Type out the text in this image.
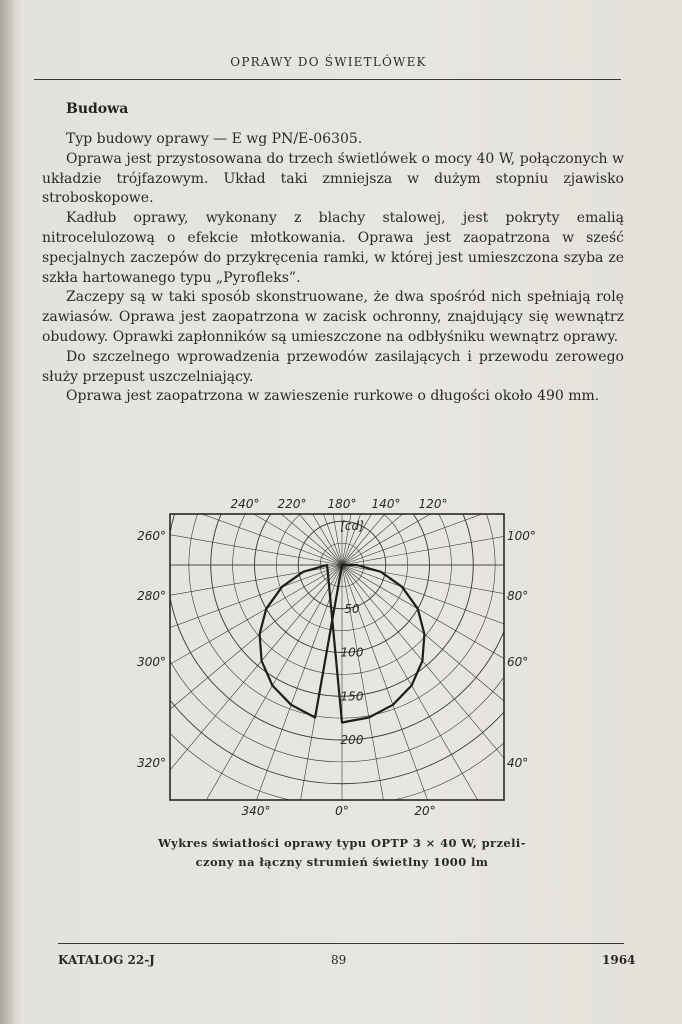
OPRAWY DO ŚWIETLÓWEK
Budowa

Typ budowy oprawy — E wg PN/E-06305.

Oprawa jest przystosowana do trzech świetlówek o mocy 40 W, połączonych w układzie trójfazowym. Układ taki zmniejsza w dużym stopniu zjawisko stroboskopowe.

Kadłub oprawy, wykonany z blachy stalowej, jest pokryty emalią nitrocelulozową o efekcie młotkowania. Oprawa jest zaopatrzona w sześć specjalnych zaczepów do przykręcenia ramki, w której jest umieszczona szyba ze szkła hartowanego typu „Pyrofleks”.

Zaczepy są w taki sposób skonstruowane, że dwa spośród nich spełniają rolę zawiasów. Oprawa jest zaopatrzona w zacisk ochronny, znajdujący się wewnątrz obudowy. Oprawki zapłonników są umieszczone na odbłyśniku wewnątrz oprawy.

Do szczelnego wprowadzenia przewodów zasilających i przewodu zerowego służy przepust uszczelniający.

Oprawa jest zaopatrzona w zawieszenie rurkowe o długości około 490 mm.

240° 220° 180° 140° 120°
260°
280°
300°
320°
100°
80°
60°
40°
340°	0°	20°
[cd]
50
100
150
200
Wykres światłości oprawy typu OPTP 3 × 40 W, przeli-
czony na łączny strumień świetlny 1000 lm
KATALOG 22-J	89	1964
